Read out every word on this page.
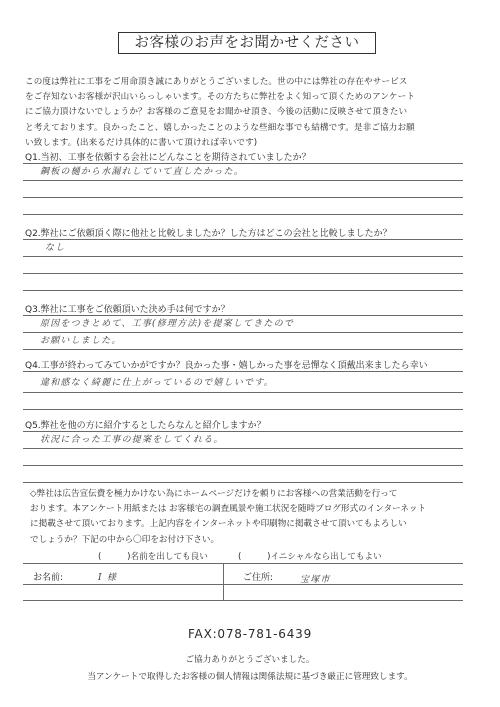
お客様のお声をお聞かせください
この度は弊社に工事をご用命頂き誠にありがとうございました。世の中には弊社の存在やサービス
をご存知ないお客様が沢山いらっしゃいます。その方たちに弊社をよく知って頂くためのアンケート
にご協力頂けないでしょうか？お客様のご意見をお聞かせ頂き、今後の活動に反映させて頂きたい
と考えております。良かったこと、嬉しかったことのような些細な事でも結構です。是非ご協力お願
い致します。(出来るだけ具体的に書いて頂ければ幸いです)
Q1.当初、工事を依頼する会社にどんなことを期待されていましたか？
鋼板の樋から水漏れしていて直したかった。
Q2.弊社にご依頼頂く際に他社と比較しましたか？した方はどこの会社と比較しましたか？
なし
Q3.弊社に工事をご依頼頂いた決め手は何ですか？
原因をつきとめて、工事(修理方法)を提案してきたので
お願いしました。
Q4.工事が終わってみていかがですか？良かった事・嬉しかった事を忌憚なく頂戴出来ましたら幸い
違和感なく綺麗に仕上がっているので嬉しいです。
Q5.弊社を他の方に紹介するとしたらなんと紹介しますか？
状況に合った工事の提案をしてくれる。
◇弊社は広告宣伝費を極力かけない為にホームページだけを頼りにお客様への営業活動を行って
おります。本アンケート用紙または お客様宅の調査風景や施工状況を随時ブログ形式のインターネット
に掲載させて頂いております。上記内容をインターネットや印刷物に掲載させて頂いてもよろしい
でしょうか？下記の中から〇印をお付け下さい。
(　　　)名前を出しても良い	(　　　)イニシャルなら出してもよい
お名前:	I 様	ご住所:	宝塚市
FAX:078-781-6439
ご協力ありがとうございました。
当アンケートで取得したお客様の個人情報は関係法規に基づき厳正に管理致します。
